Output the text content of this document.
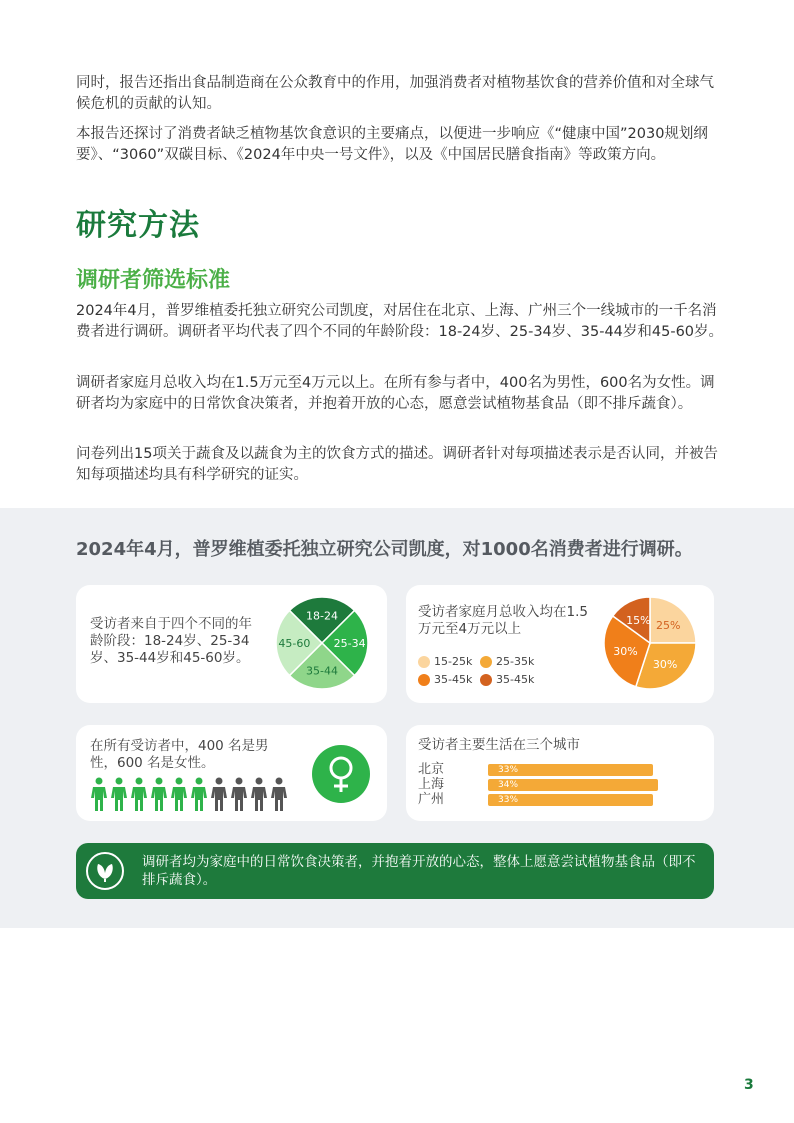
同时，报告还指出食品制造商在公众教育中的作用，加强消费者对植物基饮食的营养价值和对全球气候危机的贡献的认知。

本报告还探讨了消费者缺乏植物基饮食意识的主要痛点，以便进一步响应《“健康中国”2030规划纲要》、“3060”双碳目标、《2024年中央一号文件》，以及《中国居民膳食指南》等政策方向。

研究方法
调研者筛选标准

2024年4月，普罗维植委托独立研究公司凯度，对居住在北京、上海、广州三个一线城市的一千名消费者进行调研。调研者平均代表了四个不同的年龄阶段：18-24岁、25-34岁、35-44岁和45-60岁。

调研者家庭月总收入均在1.5万元至4万元以上。在所有参与者中，400名为男性，600名为女性。调研者均为家庭中的日常饮食决策者，并抱着开放的心态，愿意尝试植物基食品（即不排斥蔬食）。

问卷列出15项关于蔬食及以蔬食为主的饮食方式的描述。调研者针对每项描述表示是否认同，并被告知每项描述均具有科学研究的证实。

2024年4月，普罗维植委托独立研究公司凯度，对1000名消费者进行调研。
受访者来自于四个不同的年龄阶段：18-24岁、25-34岁、35-44岁和45-60岁。
18-24
25-34
35-44
45-60
受访者家庭月总收入均在1.5万元至4万元以上
15-25k 25-35k
35-45k 35-45k
25%
30%
30%
15%
在所有受访者中，400 名是男性，600 名是女性。
受访者主要生活在三个城市
北京	33%
上海	34%
广州	33%
调研者均为家庭中的日常饮食决策者，并抱着开放的心态，整体上愿意尝试植物基食品（即不排斥蔬食）。
3
